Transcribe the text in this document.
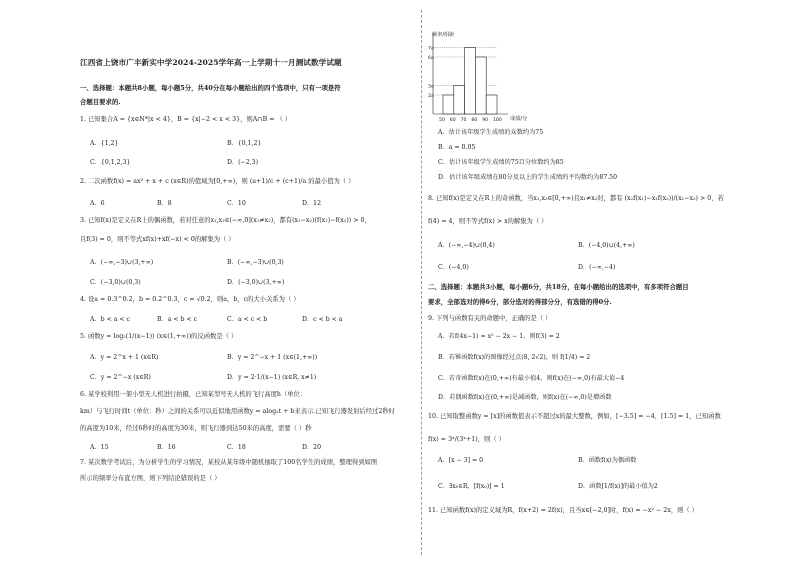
江西省上饶市广丰新实中学2024-2025学年高一上学期十一月测试数学试题
一、选择题：本题共8小题，每小题5分，共40分在每小题给出的四个选项中，只有一项是符
合题目要求的.
1. 已知集合A = {x∈N*|x < 4}，B = {x|−2 < x < 3}，则A∩B = （ ）
A．{1,2}	B．{0,1,2}
C．{0,1,2,3}	D．(−2,3)
2. 二次函数f(x) = ax² + x + c (x∈R)的值域为[0,+∞)，则 (a+1)/c + (c+1)/a 的最小值为（ ）
A．6	B．8	C．10	D．12
3. 已知f(x)是定义在R上的偶函数，若对任意的x₁,x₂∈(−∞,0](x₁≠x₂)，都有(x₁−x₂)(f(x₁)−f(x₂)) > 0，
且f(3) = 0，则不等式xf(x)+xf(−x) < 0的解集为（ ）
A．(−∞,−3)∪(3,+∞)	B．(−∞,−3)∪(0,3)
C．(−3,0)∪(0,3)	D．(−3,0)∪(3,+∞)
4. 设a = 0.3^0.2，b = 0.2^0.3，c = √0.2，则a，b，c的大小关系为（ ）
A．b < a < c	B．a < b < c	C．a < c < b	D．c < b < a
5. 函数y = log₂(1/(x−1)) (x∈(1,+∞))的反函数是（ ）
A．y = 2^x + 1 (x∈R)	B．y = 2^−x + 1 (x∈(1,+∞))
C．y = 2^−x (x∈R)	D．y = 2·1/(x−1) (x∈R, x≠1)
6. 某学校利用一架小型无人机进行拍摄，已知某型号无人机的飞行高度h（单位：
km）与飞行时间t（单位：秒）之间的关系可以近似地用函数y = alog₂t + b来表示.已知飞行器发射后经过2秒时
的高度为10米，经过6秒时的高度为30米，则飞行器到达50米的高度，需要（ ）秒
A．15	B．16	C．18	D．20
7. 某次数学考试后，为分析学生的学习情况，某校从某年级中随机抽取了100名学生的成绩，整理得到如图
所示的频率分布直方图，则下列结论错误的是（ ）
频率/组距
7a
6a
3a
2a
50 60 70 80 90 100 成绩/分
A．估计该年级学生成绩的众数约为75
B．a = 0.05
C．估计该年级学生成绩的75百分位数约为85
D．估计该年级成绩在80分及以上的学生成绩的平均数约为87.50
8. 已知f(x)是定义在R上的奇函数，当x₁,x₂∈[0,+∞)且x₁≠x₂时，都有 (x₂f(x₁)−x₁f(x₂))/(x₁−x₂) > 0，若
f(4) = 4，则不等式f(x) > x的解集为（ ）
A．(−∞,−4)∪(0,4)	B．(−4,0)∪(4,+∞)
C．(−4,0)	D．(−∞,−4)
二、选择题：本题共3小题，每小题6分，共18分，在每小题给出的选项中，有多项符合题目
要求，全部选对的得6分，部分选对的得部分分，有选错的得0分.
9. 下列与函数有关的命题中，正确的是（ ）
A．若f(4x−1) = x² − 2x − 1，则f(3) = 2
B．若幂函数f(x)的图像经过点(8, 2√2)，则 f(1/4) = 2
C．若奇函数f(x)在(0,+∞)有最小值4，则f(x)在(−∞,0)有最大值−4
D．若偶函数f(x)在(0,+∞)是减函数，则f(x)在(−∞,0)是增函数
10. 已知取整函数y = [x]的函数值表示不超过x的最大整数，例如，[−3.5] = −4，[1.5] = 1，已知函数
f(x) = 3ˣ/(3ˣ+1)，则（ ）
A．[x − 3] = 0	B．函数f(x)为偶函数
C．∃x₀∈R，[f(x₀)] = 1	D．函数[1/f(x)]的最小值为2
11. 已知函数f(x)的定义域为R，f(x+2) = 2f(x)，且当x∈[−2,0]时，f(x) = −x² − 2x，则（ ）
